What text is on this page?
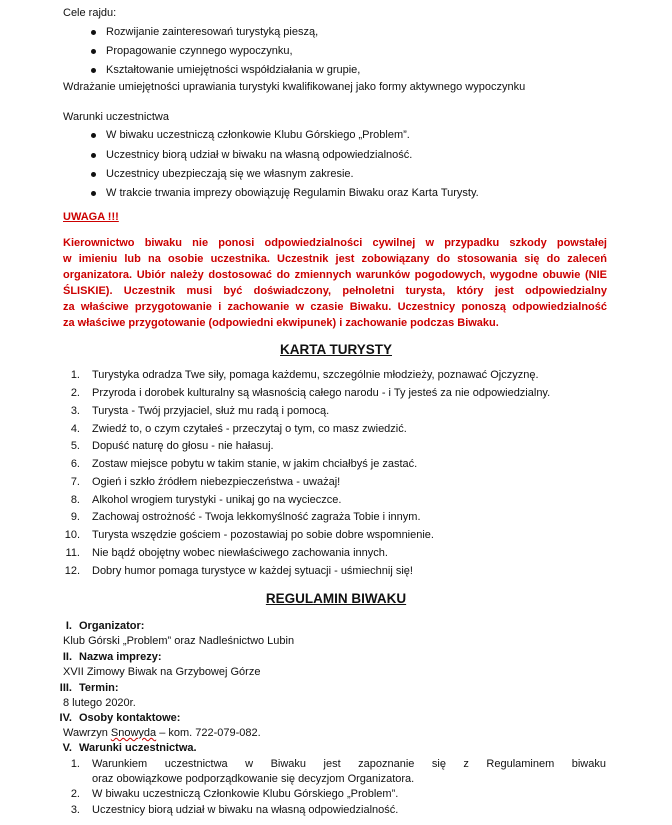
Cele rajdu:
Rozwijanie zainteresowań turystyką pieszą,
Propagowanie czynnego wypoczynku,
Kształtowanie umiejętności współdziałania w grupie,
Wdrażanie umiejętności uprawiania turystyki kwalifikowanej jako formy aktywnego wypoczynku
Warunki uczestnictwa
W biwaku uczestniczą członkowie Klubu Górskiego „Problem”.
Uczestnicy biorą udział w biwaku na własną odpowiedzialność.
Uczestnicy ubezpieczają się we własnym zakresie.
W trakcie trwania imprezy obowiązuję Regulamin Biwaku oraz Karta Turysty.
UWAGA !!!
Kierownictwo biwaku nie ponosi odpowiedzialności cywilnej w przypadku szkody powstałej
w imieniu lub na osobie uczestnika. Uczestnik jest zobowiązany do stosowania się do zaleceń
organizatora. Ubiór należy dostosować do zmiennych warunków pogodowych, wygodne obuwie (NIE
ŚLISKIE). Uczestnik musi być doświadczony, pełnoletni turysta, który jest odpowiedzialny
za właściwe przygotowanie i zachowanie w czasie Biwaku. Uczestnicy ponoszą odpowiedzialność
za właściwe przygotowanie (odpowiedni ekwipunek) i zachowanie podczas Biwaku.
KARTA TURYSTY
1. Turystyka odradza Twe siły, pomaga każdemu, szczególnie młodzieży, poznawać Ojczyznę.
2. Przyroda i dorobek kulturalny są własnością całego narodu - i Ty jesteś za nie odpowiedzialny.
3. Turysta - Twój przyjaciel, służ mu radą i pomocą.
4. Zwiedź to, o czym czytałeś - przeczytaj o tym, co masz zwiedzić.
5. Dopuść naturę do głosu - nie hałasuj.
6. Zostaw miejsce pobytu w takim stanie, w jakim chciałbyś je zastać.
7. Ogień i szkło źródłem niebezpieczeństwa - uważaj!
8. Alkohol wrogiem turystyki - unikaj go na wycieczce.
9. Zachowaj ostrożność - Twoja lekkomyślność zagraża Tobie i innym.
10. Turysta wszędzie gościem - pozostawiaj po sobie dobre wspomnienie.
11. Nie bądź obojętny wobec niewłaściwego zachowania innych.
12. Dobry humor pomaga turystyce w każdej sytuacji - uśmiechnij się!
REGULAMIN BIWAKU
I. Organizator:
Klub Górski „Problem” oraz Nadleśnictwo Lubin
II. Nazwa imprezy:
XVII Zimowy Biwak na Grzybowej Górze
III. Termin:
8 lutego 2020r.
IV. Osoby kontaktowe:
Wawrzyn Snowyda – kom. 722-079-082.
V. Warunki uczestnictwa.
1. Warunkiem uczestnictwa w Biwaku jest zapoznanie się z Regulaminem biwaku
oraz obowiązkowe podporządkowanie się decyzjom Organizatora.
2. W biwaku uczestniczą Członkowie Klubu Górskiego „Problem”.
3. Uczestnicy biorą udział w biwaku na własną odpowiedzialność.
